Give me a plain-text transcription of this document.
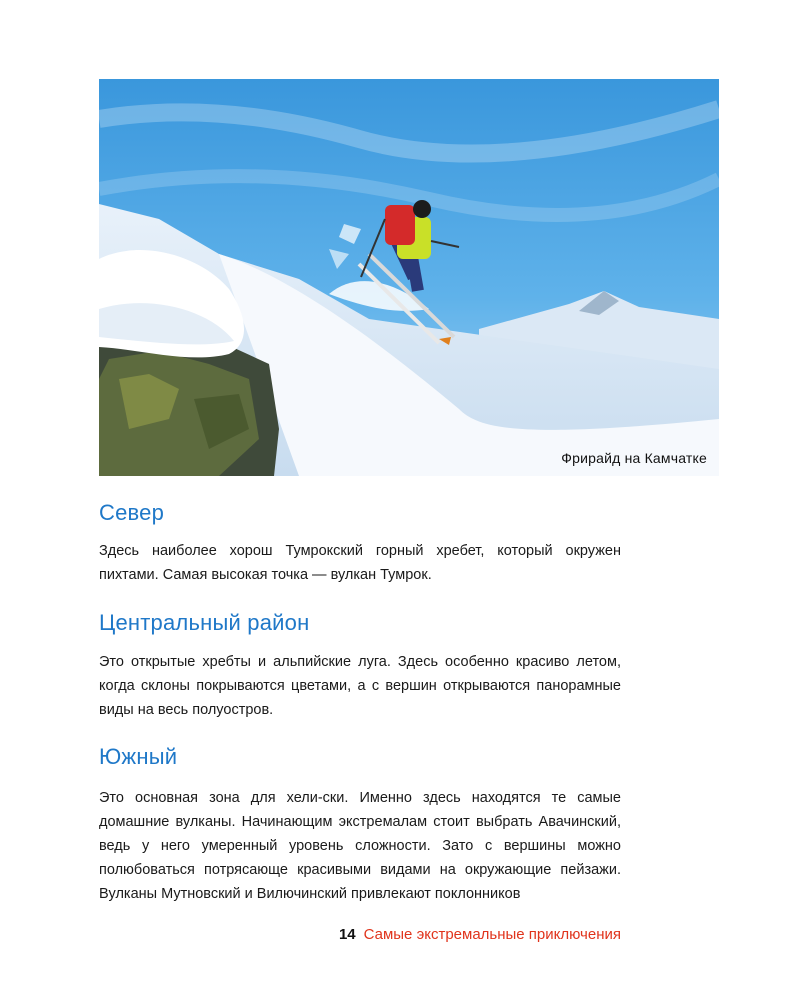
Фрирайд на Камчатке
Север

Здесь наиболее хорош Тумрокский горный хребет, который окружен пихтами. Самая высокая точка — вулкан Тумрок.

Центральный район

Это открытые хребты и альпийские луга. Здесь особенно красиво летом, когда склоны покрываются цветами, а с вершин открываются панорамные виды на весь полуостров.

Южный

Это основная зона для хели-ски. Именно здесь находятся те самые домашние вулканы. Начинающим экстремалам стоит выбрать Авачинский, ведь у него умеренный уровень сложности. Зато с вершины можно полюбоваться потрясающе красивыми видами на окружающие пейзажи. Вулканы Мутновский и Вилючинский привлекают поклонников

14 Самые экстремальные приключения
